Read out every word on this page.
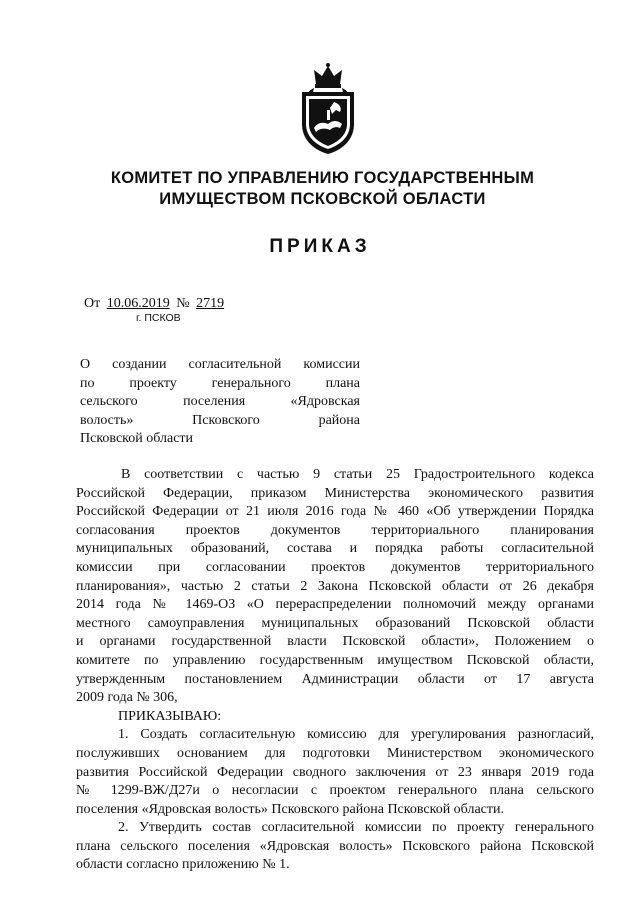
КОМИТЕТ ПО УПРАВЛЕНИЮ ГОСУДАРСТВЕННЫМ
ИМУЩЕСТВОМ ПСКОВСКОЙ ОБЛАСТИ
ПРИКАЗ
От 10.06.2019 № 2719
г. ПСКОВ
О создании согласительной комиссии
по проекту генерального плана
сельского поселения «Ядровская
волость» Псковского района
Псковской области
В соответствии с частью 9 статьи 25 Градостроительного кодекса
Российской Федерации, приказом Министерства экономического развития
Российской Федерации от 21 июля 2016 года № 460 «Об утверждении Порядка
согласования проектов документов территориального планирования
муниципальных образований, состава и порядка работы согласительной
комиссии при согласовании проектов документов территориального
планирования», частью 2 статьи 2 Закона Псковской области от 26 декабря
2014 года № 1469-ОЗ «О перераспределении полномочий между органами
местного самоуправления муниципальных образований Псковской области
и органами государственной власти Псковской области», Положением о
комитете по управлению государственным имуществом Псковской области,
утвержденным постановлением Администрации области от 17 августа
2009 года № 306,
ПРИКАЗЫВАЮ:
1. Создать согласительную комиссию для урегулирования разногласий,
послуживших основанием для подготовки Министерством экономического
развития Российской Федерации сводного заключения от 23 января 2019 года
№ 1299-ВЖ/Д27и о несогласии с проектом генерального плана сельского
поселения «Ядровская волость» Псковского района Псковской области.
2. Утвердить состав согласительной комиссии по проекту генерального
плана сельского поселения «Ядровская волость» Псковского района Псковской
области согласно приложению № 1.
